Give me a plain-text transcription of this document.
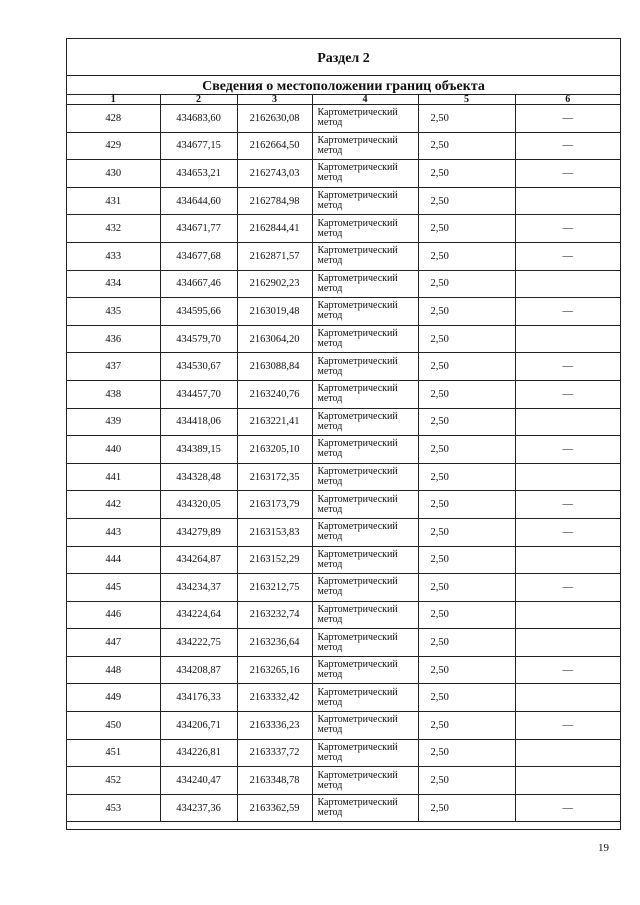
Раздел 2
Сведения о местоположении границ объекта
1	2	3	4	5	6
428	434683,60	2162630,08	Картометрический метод	2,50	—
429	434677,15	2162664,50	Картометрический метод	2,50	—
430	434653,21	2162743,03	Картометрический метод	2,50	—
431	434644,60	2162784,98	Картометрический метод	2,50	
432	434671,77	2162844,41	Картометрический метод	2,50	—
433	434677,68	2162871,57	Картометрический метод	2,50	—
434	434667,46	2162902,23	Картометрический метод	2,50	
435	434595,66	2163019,48	Картометрический метод	2,50	—
436	434579,70	2163064,20	Картометрический метод	2,50	
437	434530,67	2163088,84	Картометрический метод	2,50	—
438	434457,70	2163240,76	Картометрический метод	2,50	—
439	434418,06	2163221,41	Картометрический метод	2,50	
440	434389,15	2163205,10	Картометрический метод	2,50	—
441	434328,48	2163172,35	Картометрический метод	2,50	
442	434320,05	2163173,79	Картометрический метод	2,50	—
443	434279,89	2163153,83	Картометрический метод	2,50	—
444	434264,87	2163152,29	Картометрический метод	2,50	
445	434234,37	2163212,75	Картометрический метод	2,50	—
446	434224,64	2163232,74	Картометрический метод	2,50	
447	434222,75	2163236,64	Картометрический метод	2,50	
448	434208,87	2163265,16	Картометрический метод	2,50	—
449	434176,33	2163332,42	Картометрический метод	2,50	
450	434206,71	2163336,23	Картометрический метод	2,50	—
451	434226,81	2163337,72	Картометрический метод	2,50	
452	434240,47	2163348,78	Картометрический метод	2,50	
453	434237,36	2163362,59	Картометрический метод	2,50	—
19
